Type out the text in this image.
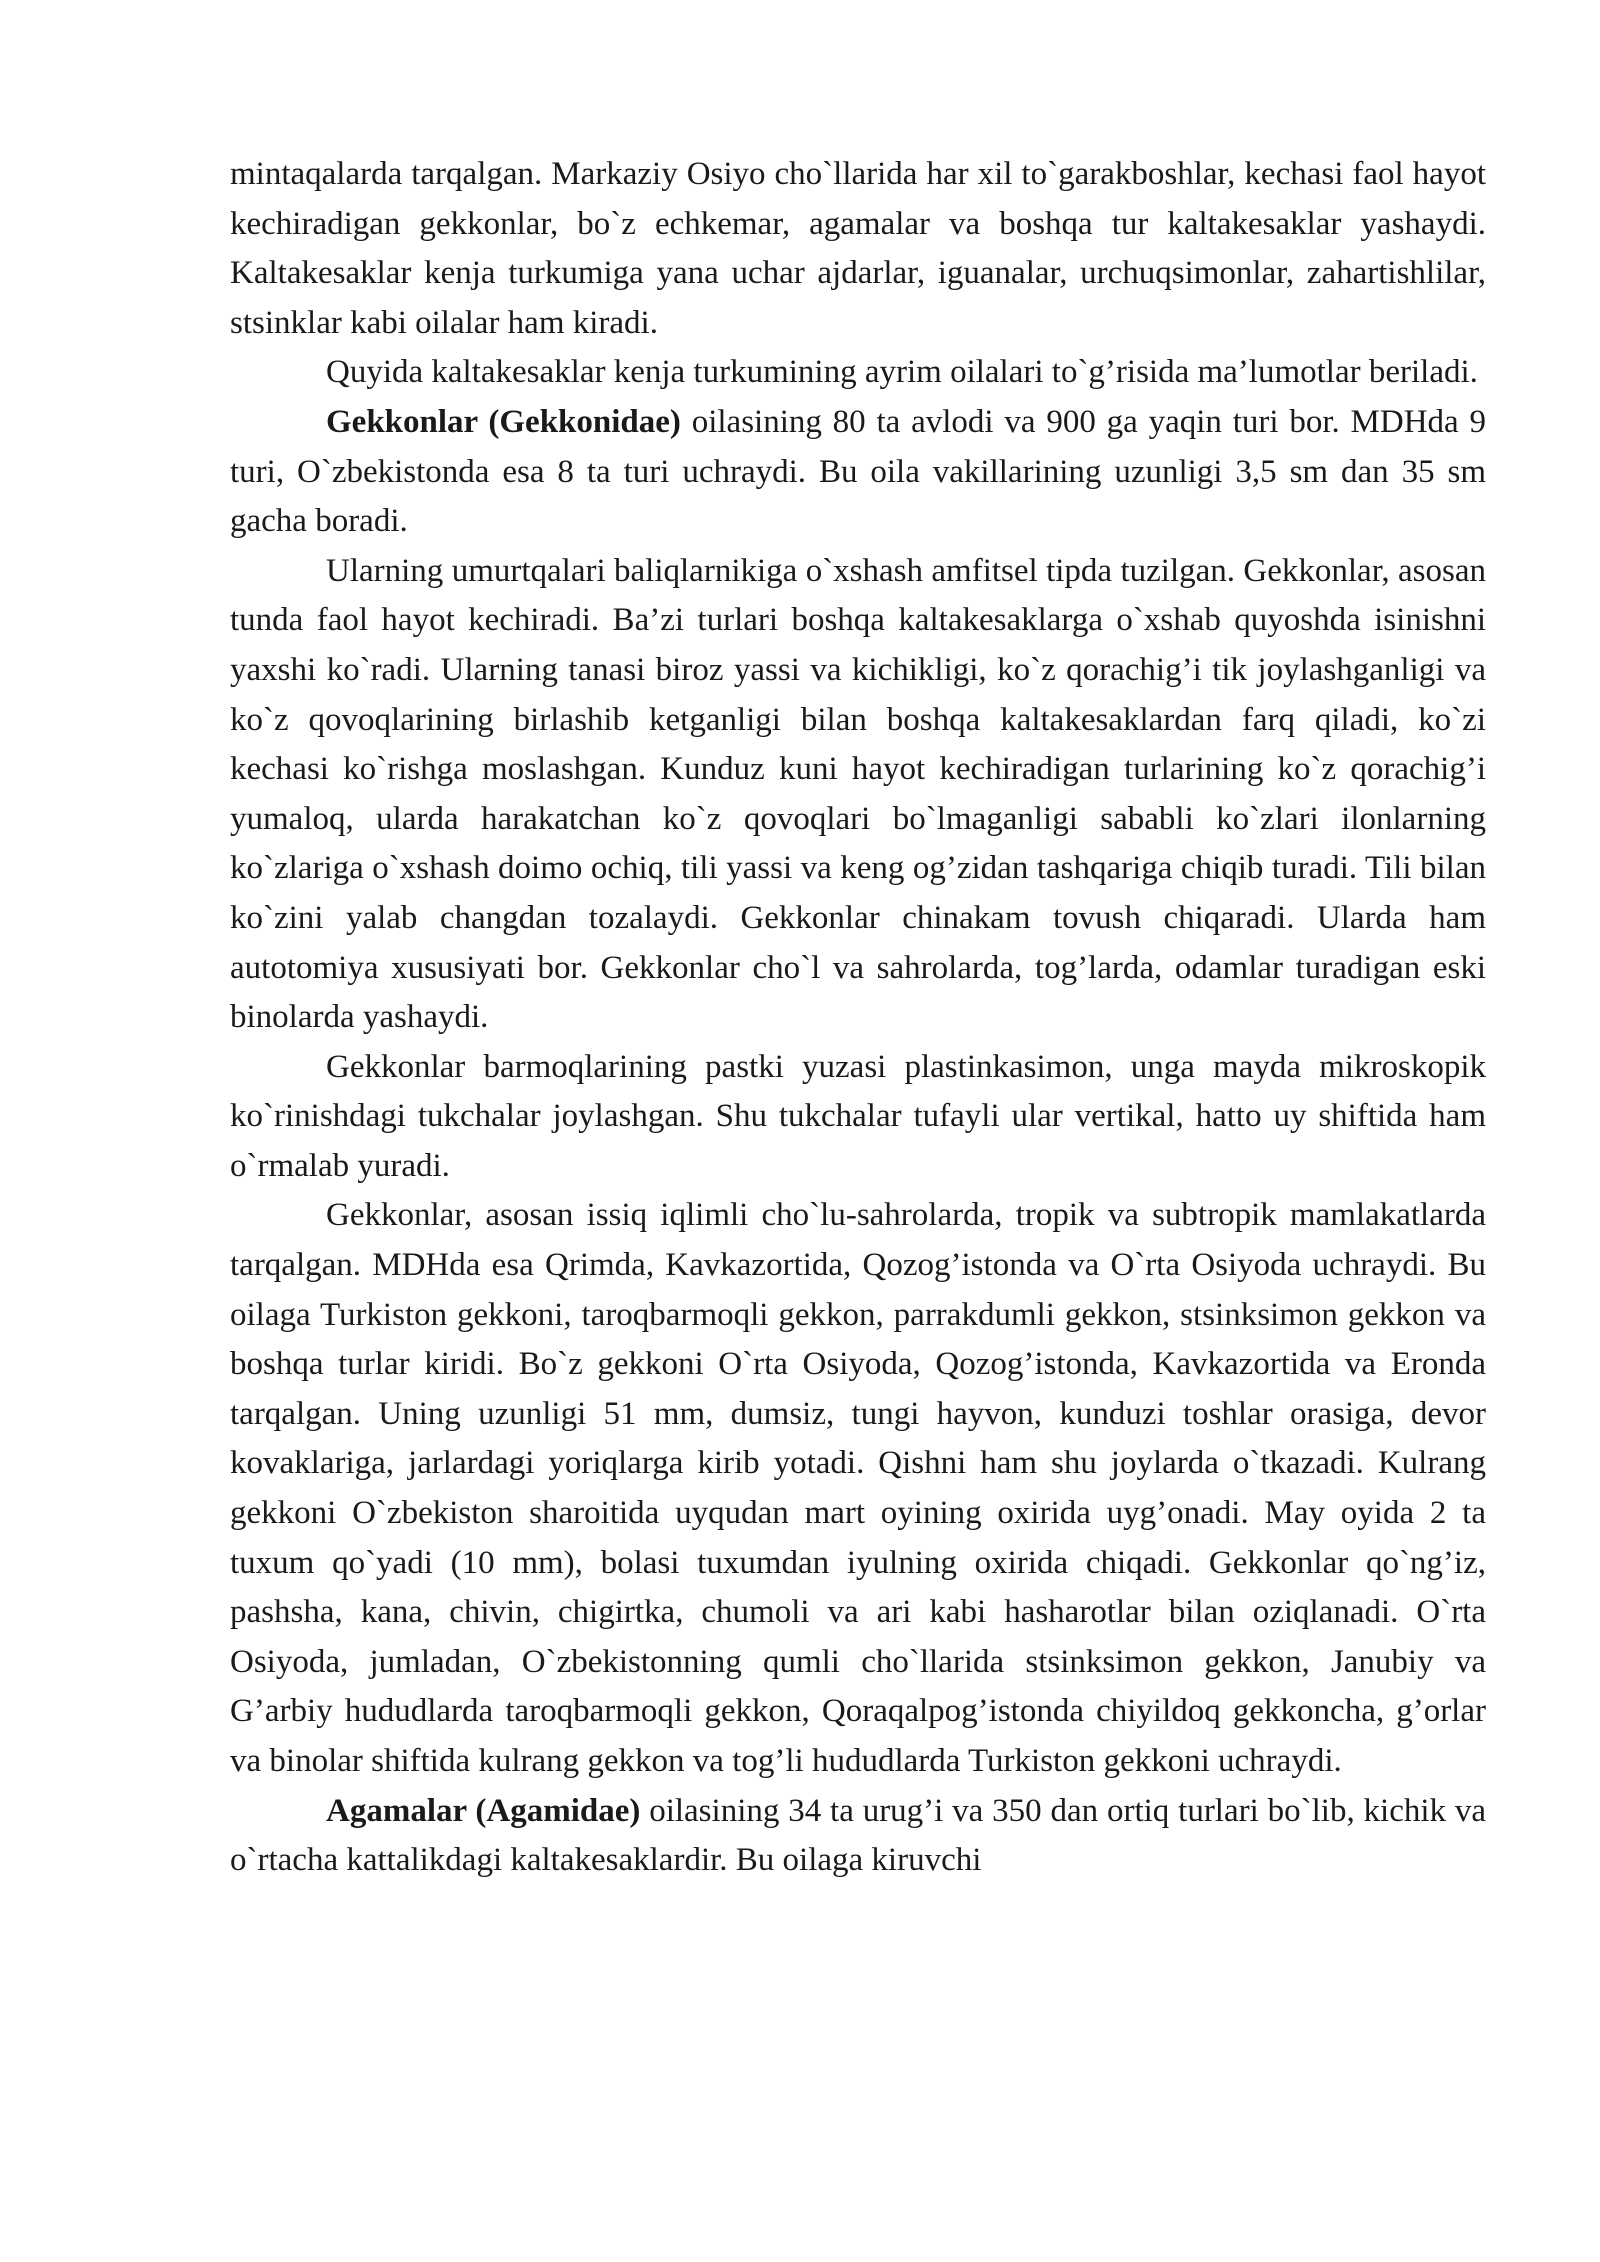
mintaqalarda tarqalgan. Markaziy Osiyo cho`llarida har xil to`garakboshlar, kechasi faol hayot kechiradigan gekkonlar, bo`z echkemar, agamalar va boshqa tur kaltakesaklar yashaydi. Kaltakesaklar kenja turkumiga yana uchar ajdarlar, iguanalar, urchuqsimonlar, zahartishlilar, stsinklar kabi oilalar ham kiradi.

Quyida kaltakesaklar kenja turkumining ayrim oilalari to`g’risida ma’lumotlar beriladi.

Gekkonlar (Gekkonidae) oilasining 80 ta avlodi va 900 ga yaqin turi bor. MDHda 9 turi, O`zbekistonda esa 8 ta turi uchraydi. Bu oila vakillarining uzunligi 3,5 sm dan 35 sm gacha boradi.

Ularning umurtqalari baliqlarnikiga o`xshash amfitsel tipda tuzilgan. Gekkonlar, asosan tunda faol hayot kechiradi. Ba’zi turlari boshqa kaltakesaklarga o`xshab quyoshda isinishni yaxshi ko`radi. Ularning tanasi biroz yassi va kichikligi, ko`z qorachig’i tik joylashganligi va ko`z qovoqlarining birlashib ketganligi bilan boshqa kaltakesaklardan farq qiladi, ko`zi kechasi ko`rishga moslashgan. Kunduz kuni hayot kechiradigan turlarining ko`z qorachig’i yumaloq, ularda harakatchan ko`z qovoqlari bo`lmaganligi sababli ko`zlari ilonlarning ko`zlariga o`xshash doimo ochiq, tili yassi va keng og’zidan tashqariga chiqib turadi. Tili bilan ko`zini yalab changdan tozalaydi. Gekkonlar chinakam tovush chiqaradi. Ularda ham autotomiya xususiyati bor. Gekkonlar cho`l va sahrolarda, tog’larda, odamlar turadigan eski binolarda yashaydi.

Gekkonlar barmoqlarining pastki yuzasi plastinkasimon, unga mayda mikroskopik ko`rinishdagi tukchalar joylashgan. Shu tukchalar tufayli ular vertikal, hatto uy shiftida ham o`rmalab yuradi.

Gekkonlar, asosan issiq iqlimli cho`lu-sahrolarda, tropik va subtropik mamlakatlarda tarqalgan. MDHda esa Qrimda, Kavkazortida, Qozog’istonda va O`rta Osiyoda uchraydi. Bu oilaga Turkiston gekkoni, taroqbarmoqli gekkon, parrakdumli gekkon, stsinksimon gekkon va boshqa turlar kiridi. Bo`z gekkoni O`rta Osiyoda, Qozog’istonda, Kavkazortida va Eronda tarqalgan. Uning uzunligi 51 mm, dumsiz, tungi hayvon, kunduzi toshlar orasiga, devor kovaklariga, jarlardagi yoriqlarga kirib yotadi. Qishni ham shu joylarda o`tkazadi. Kulrang gekkoni O`zbekiston sharoitida uyqudan mart oyining oxirida uyg’onadi. May oyida 2 ta tuxum qo`yadi (10 mm), bolasi tuxumdan iyulning oxirida chiqadi. Gekkonlar qo`ng’iz, pashsha, kana, chivin, chigirtka, chumoli va ari kabi hasharotlar bilan oziqlanadi. O`rta Osiyoda, jumladan, O`zbekistonning qumli cho`llarida stsinksimon gekkon, Janubiy va G’arbiy hududlarda taroqbarmoqli gekkon, Qoraqalpog’istonda chiyildoq gekkoncha, g’orlar va binolar shiftida kulrang gekkon va tog’li hududlarda Turkiston gekkoni uchraydi.

Agamalar (Agamidae) oilasining 34 ta urug’i va 350 dan ortiq turlari bo`lib, kichik va o`rtacha kattalikdagi kaltakesaklardir. Bu oilaga kiruvchi
